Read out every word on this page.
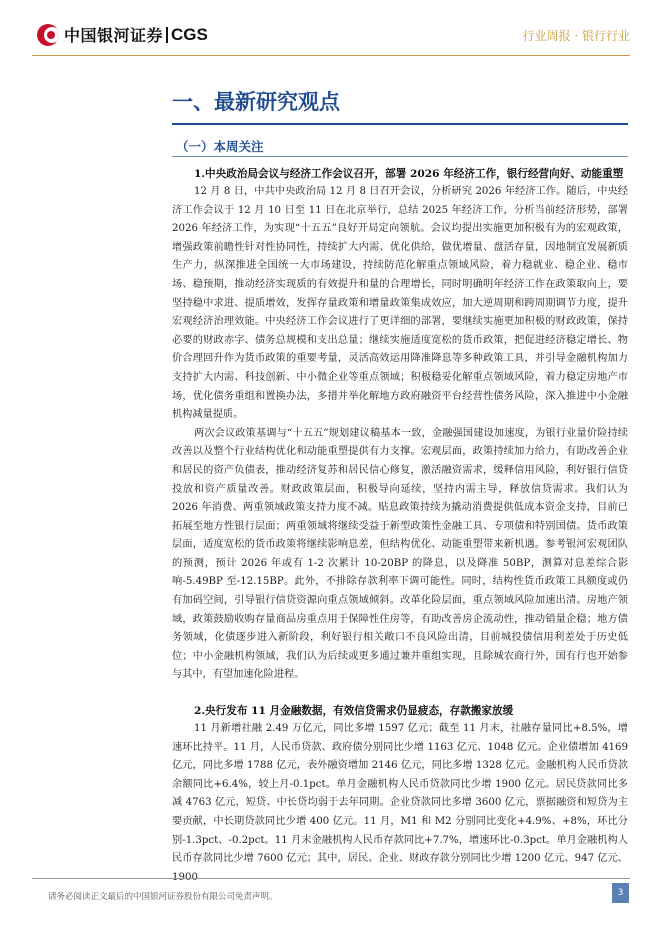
中国银河证券 CGS	行业周报 · 银行行业
一、最新研究观点
（一）本周关注

1.中央政治局会议与经济工作会议召开，部署 2026 年经济工作，银行经营向好、动能重塑

12 月 8 日，中共中央政治局 12 月 8 日召开会议，分析研究 2026 年经济工作。随后，中央经济工作会议于 12 月 10 日至 11 日在北京举行，总结 2025 年经济工作，分析当前经济形势，部署 2026 年经济工作，为实现“十五五”良好开局定向领航。会议均提出实施更加积极有为的宏观政策，增强政策前瞻性针对性协同性，持续扩大内需、优化供给，做优增量、盘活存量，因地制宜发展新质生产力，纵深推进全国统一大市场建设，持续防范化解重点领域风险，着力稳就业、稳企业、稳市场、稳预期，推动经济实现质的有效提升和量的合理增长，同时明确明年经济工作在政策取向上，要坚持稳中求进、提质增效，发挥存量政策和增量政策集成效应，加大逆周期和跨周期调节力度，提升宏观经济治理效能。中央经济工作会议进行了更详细的部署，要继续实施更加积极的财政政策，保持必要的财政赤字、债务总规模和支出总量；继续实施适度宽松的货币政策，把促进经济稳定增长、物价合理回升作为货币政策的重要考量，灵活高效运用降准降息等多种政策工具，并引导金融机构加力支持扩大内需、科技创新、中小微企业等重点领域；积极稳妥化解重点领域风险，着力稳定房地产市场，优化债务重组和置换办法，多措并举化解地方政府融资平台经营性债务风险，深入推进中小金融机构减量提质。

两次会议政策基调与“十五五”规划建议稿基本一致，金融强国建设加速度，为银行业量价险持续改善以及整个行业结构优化和动能重塑提供有力支撑。宏观层面，政策持续加力给力，有助改善企业和居民的资产负债表，推动经济复苏和居民信心修复，激活融资需求，缓释信用风险，利好银行信贷投放和资产质量改善。财政政策层面，积极导向延续，坚持内需主导，释放信贷需求。我们认为 2026 年消费、两重领域政策支持力度不减。贴息政策持续为撬动消费提供低成本资金支持，目前已拓展至地方性银行层面；两重领域将继续受益于新型政策性金融工具、专项债和特别国债。货币政策层面，适度宽松的货币政策将继续影响息差，但结构优化、动能重塑带来新机遇。参考银河宏观团队的预测，预计 2026 年或有 1-2 次累计 10-20BP 的降息，以及降准 50BP，测算对息差综合影响-5.49BP 至-12.15BP。此外，不排除存款利率下调可能性。同时，结构性货币政策工具额度或仍有加码空间，引导银行信贷资源向重点领域倾斜。改革化险层面，重点领域风险加速出清。房地产领域，政策鼓励收购存量商品房重点用于保障性住房等，有助改善房企流动性，推动销量企稳；地方债务领域，化债逐步进入新阶段，利好银行相关敞口不良风险出清，目前城投债信用利差处于历史低位；中小金融机构领域，我们认为后续或更多通过兼并重组实现，且除城农商行外，国有行也开始参与其中，有望加速化险进程。

2.央行发布 11 月金融数据，有效信贷需求仍显疲态，存款搬家放缓

11 月新增社融 2.49 万亿元，同比多增 1597 亿元；截至 11 月末，社融存量同比+8.5%，增速环比持平。11 月，人民币贷款、政府债分别同比少增 1163 亿元、1048 亿元。企业债增加 4169 亿元，同比多增 1788 亿元，表外融资增加 2146 亿元，同比多增 1328 亿元。金融机构人民币贷款余额同比+6.4%，较上月-0.1pct。单月金融机构人民币贷款同比少增 1900 亿元。居民贷款同比多减 4763 亿元，短贷、中长贷均弱于去年同期。企业贷款同比多增 3600 亿元，票据融资和短贷为主要贡献，中长期贷款同比少增 400 亿元。11 月，M1 和 M2 分别同比变化+4.9%、+8%，环比分别-1.3pct、-0.2pct。11 月末金融机构人民币存款同比+7.7%，增速环比-0.3pct。单月金融机构人民币存款同比少增 7600 亿元；其中，居民、企业、财政存款分别同比少增 1200 亿元、947 亿元、

请务必阅读正文最后的中国银河证券股份有限公司免责声明。	3
